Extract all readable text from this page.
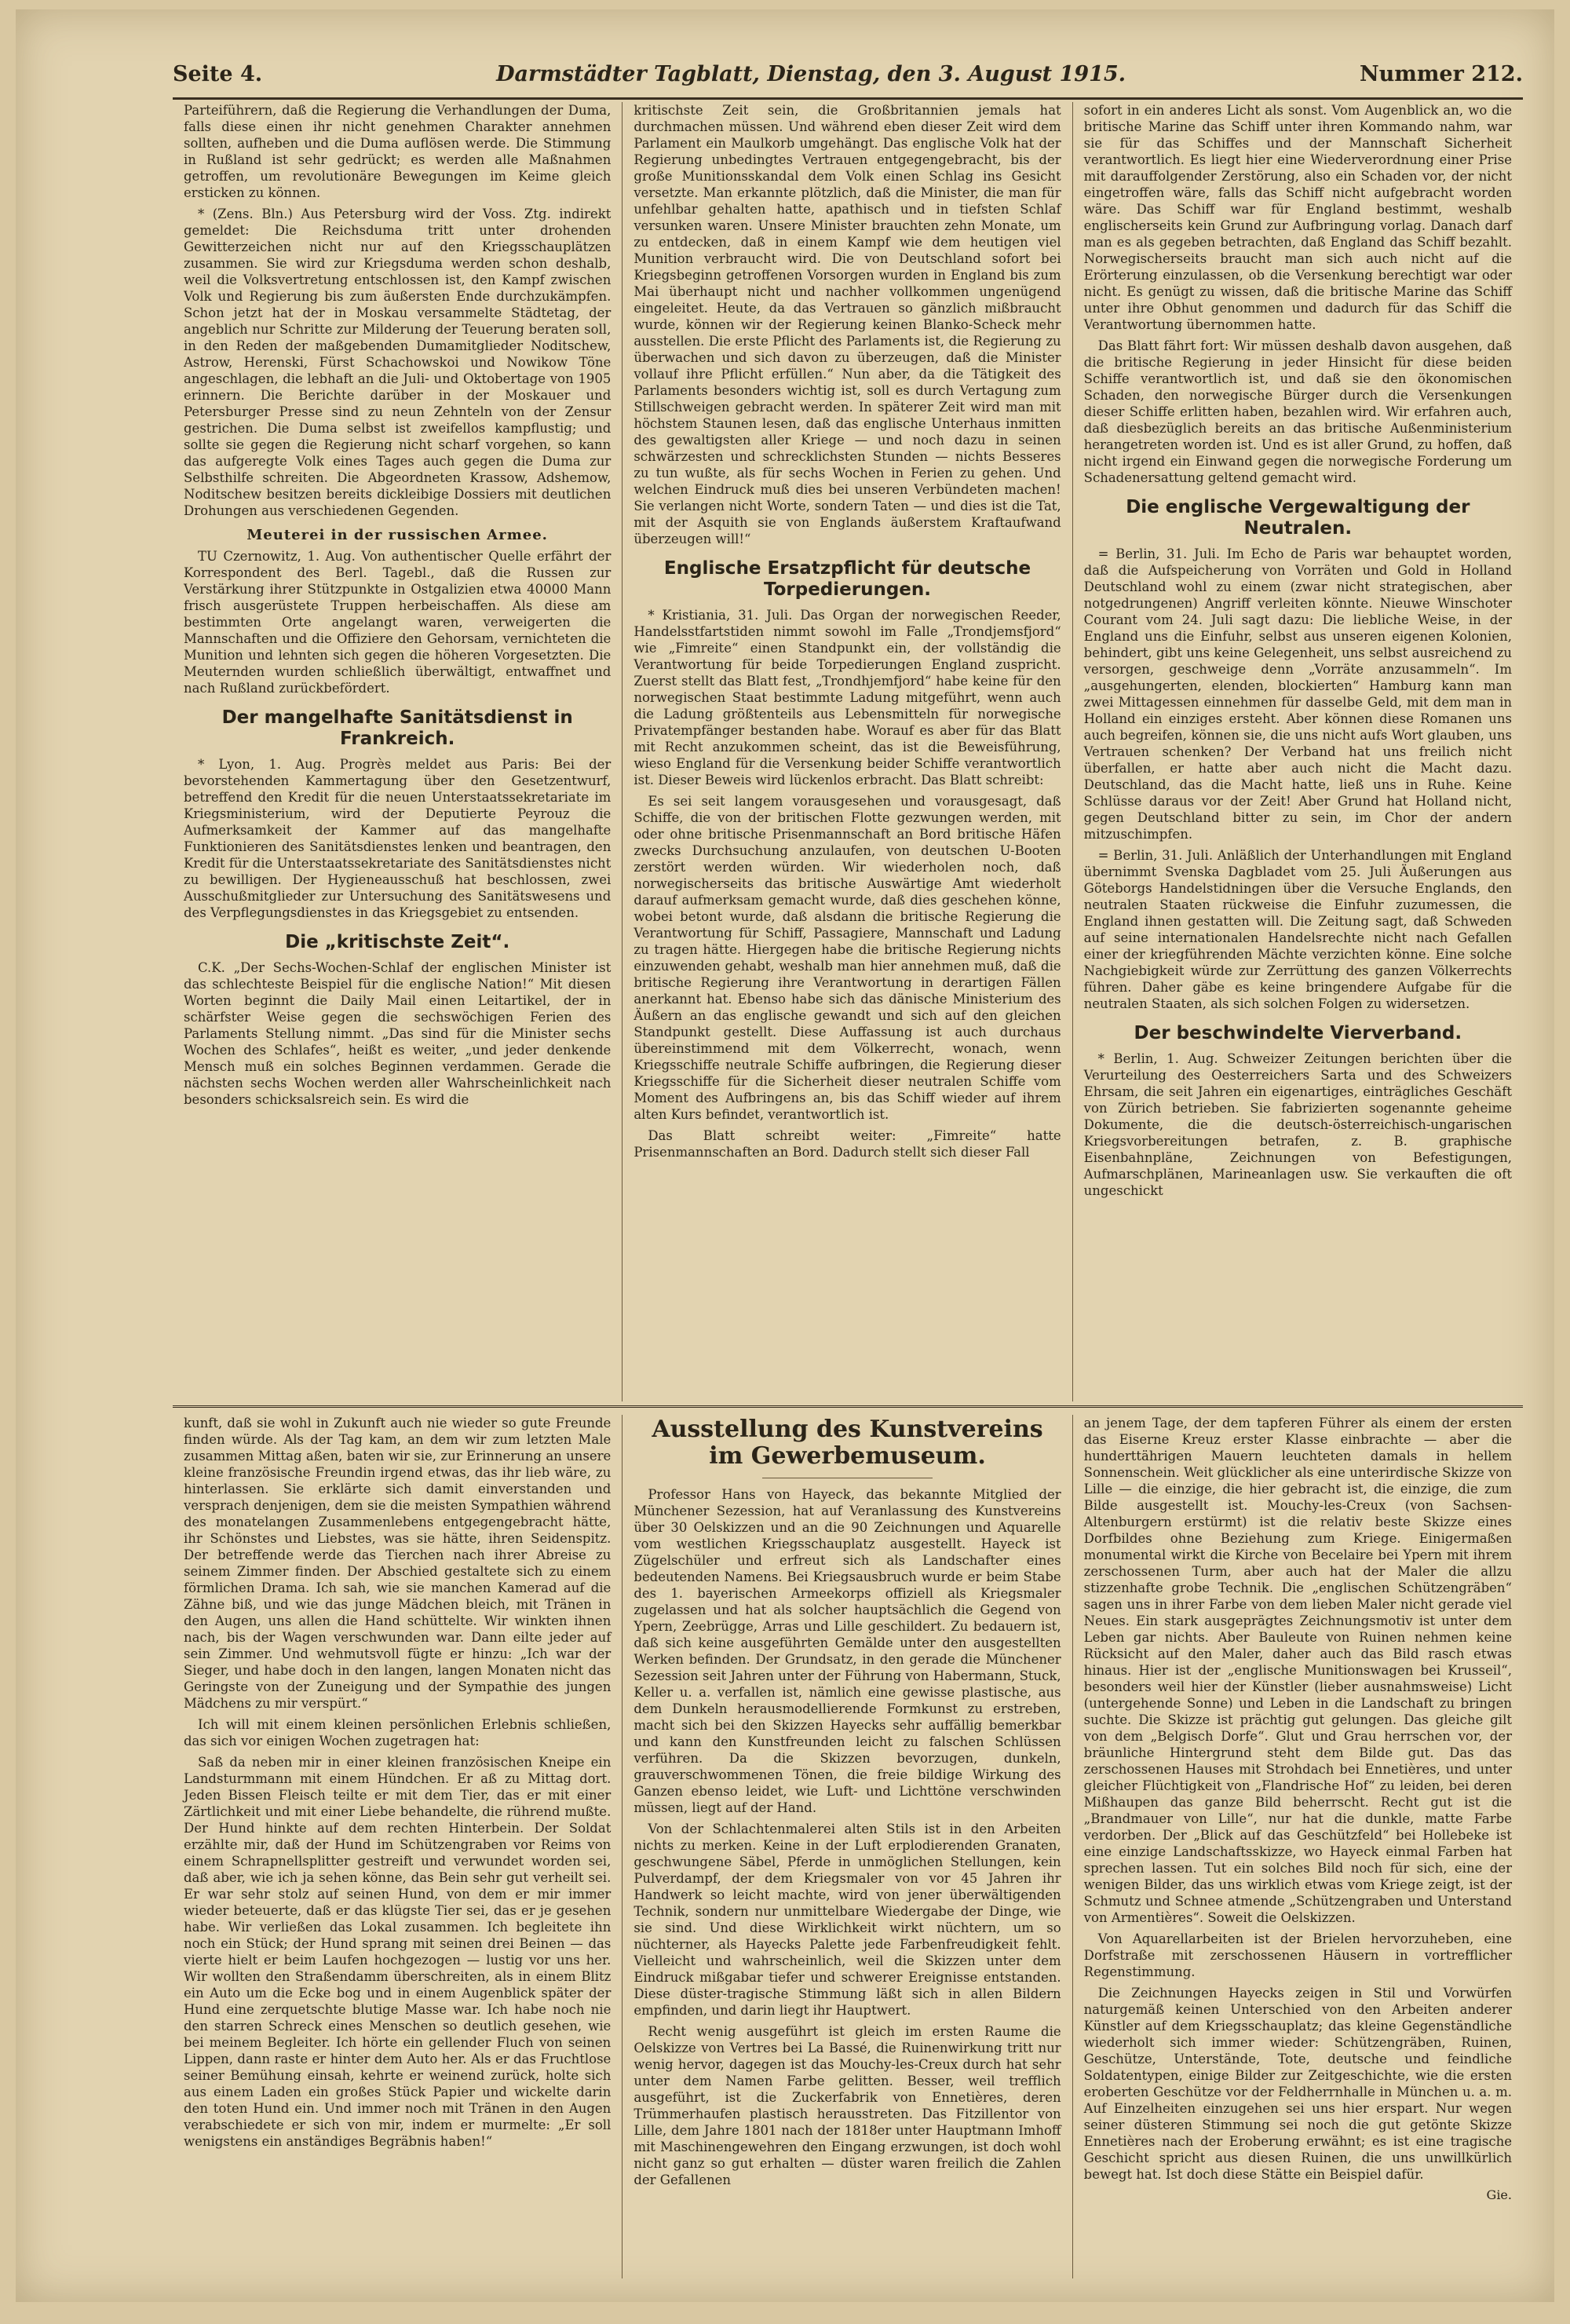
Seite 4.	Darmstädter Tagblatt, Dienstag, den 3. August 1915.	Nummer 212.

Parteiführern, daß die Regierung die Verhandlungen der Duma, falls diese einen ihr nicht genehmen Charakter annehmen sollten, aufheben und die Duma auflösen werde. Die Stimmung in Rußland ist sehr gedrückt; es werden alle Maßnahmen getroffen, um revolutionäre Bewegungen im Keime gleich ersticken zu können.

* (Zens. Bln.) Aus Petersburg wird der Voss. Ztg. indirekt gemeldet: Die Reichsduma tritt unter drohenden Gewitterzeichen nicht nur auf den Kriegsschauplätzen zusammen. Sie wird zur Kriegsduma werden schon deshalb, weil die Volksvertretung entschlossen ist, den Kampf zwischen Volk und Regierung bis zum äußersten Ende durchzukämpfen. Schon jetzt hat der in Moskau versammelte Städtetag, der angeblich nur Schritte zur Milderung der Teuerung beraten soll, in den Reden der maßgebenden Dumamitglieder Noditschew, Astrow, Herenski, Fürst Schachowskoi und Nowikow Töne angeschlagen, die lebhaft an die Juli- und Oktobertage von 1905 erinnern. Die Berichte darüber in der Moskauer und Petersburger Presse sind zu neun Zehnteln von der Zensur gestrichen. Die Duma selbst ist zweifellos kampflustig; und sollte sie gegen die Regierung nicht scharf vorgehen, so kann das aufgeregte Volk eines Tages auch gegen die Duma zur Selbsthilfe schreiten. Die Abgeordneten Krassow, Adshemow, Noditschew besitzen bereits dickleibige Dossiers mit deutlichen Drohungen aus verschiedenen Gegenden.

Meuterei in der russischen Armee.

TU Czernowitz, 1. Aug. Von authentischer Quelle erfährt der Korrespondent des Berl. Tagebl., daß die Russen zur Verstärkung ihrer Stützpunkte in Ostgalizien etwa 40000 Mann frisch ausgerüstete Truppen herbeischaffen. Als diese am bestimmten Orte angelangt waren, verweigerten die Mannschaften und die Offiziere den Gehorsam, vernichteten die Munition und lehnten sich gegen die höheren Vorgesetzten. Die Meuternden wurden schließlich überwältigt, entwaffnet und nach Rußland zurückbefördert.

Der mangelhafte Sanitätsdienst in Frankreich.

* Lyon, 1. Aug. Progrès meldet aus Paris: Bei der bevorstehenden Kammertagung über den Gesetzentwurf, betreffend den Kredit für die neuen Unterstaatssekretariate im Kriegsministerium, wird der Deputierte Peyrouz die Aufmerksamkeit der Kammer auf das mangelhafte Funktionieren des Sanitätsdienstes lenken und beantragen, den Kredit für die Unterstaatssekretariate des Sanitätsdienstes nicht zu bewilligen. Der Hygieneausschuß hat beschlossen, zwei Ausschußmitglieder zur Untersuchung des Sanitätswesens und des Verpflegungsdienstes in das Kriegsgebiet zu entsenden.

Die „kritischste Zeit“.

C.K. „Der Sechs-Wochen-Schlaf der englischen Minister ist das schlechteste Beispiel für die englische Nation!“ Mit diesen Worten beginnt die Daily Mail einen Leitartikel, der in schärfster Weise gegen die sechswöchigen Ferien des Parlaments Stellung nimmt. „Das sind für die Minister sechs Wochen des Schlafes“, heißt es weiter, „und jeder denkende Mensch muß ein solches Beginnen verdammen. Gerade die nächsten sechs Wochen werden aller Wahrscheinlichkeit nach besonders schicksalsreich sein. Es wird die

kritischste Zeit sein, die Großbritannien jemals hat durchmachen müssen. Und während eben dieser Zeit wird dem Parlament ein Maulkorb umgehängt. Das englische Volk hat der Regierung unbedingtes Vertrauen entgegengebracht, bis der große Munitionsskandal dem Volk einen Schlag ins Gesicht versetzte. Man erkannte plötzlich, daß die Minister, die man für unfehlbar gehalten hatte, apathisch und in tiefsten Schlaf versunken waren. Unsere Minister brauchten zehn Monate, um zu entdecken, daß in einem Kampf wie dem heutigen viel Munition verbraucht wird. Die von Deutschland sofort bei Kriegsbeginn getroffenen Vorsorgen wurden in England bis zum Mai überhaupt nicht und nachher vollkommen ungenügend eingeleitet. Heute, da das Vertrauen so gänzlich mißbraucht wurde, können wir der Regierung keinen Blanko-Scheck mehr ausstellen. Die erste Pflicht des Parlaments ist, die Regierung zu überwachen und sich davon zu überzeugen, daß die Minister vollauf ihre Pflicht erfüllen.“ Nun aber, da die Tätigkeit des Parlaments besonders wichtig ist, soll es durch Vertagung zum Stillschweigen gebracht werden. In späterer Zeit wird man mit höchstem Staunen lesen, daß das englische Unterhaus inmitten des gewaltigsten aller Kriege — und noch dazu in seinen schwärzesten und schrecklichsten Stunden — nichts Besseres zu tun wußte, als für sechs Wochen in Ferien zu gehen. Und welchen Eindruck muß dies bei unseren Verbündeten machen! Sie verlangen nicht Worte, sondern Taten — und dies ist die Tat, mit der Asquith sie von Englands äußerstem Kraftaufwand überzeugen will!“

Englische Ersatzpflicht für deutsche Torpedierungen.

* Kristiania, 31. Juli. Das Organ der norwegischen Reeder, Handelsstfartstiden nimmt sowohl im Falle „Trondjemsfjord“ wie „Fimreite“ einen Standpunkt ein, der vollständig die Verantwortung für beide Torpedierungen England zuspricht. Zuerst stellt das Blatt fest, „Trondhjemfjord“ habe keine für den norwegischen Staat bestimmte Ladung mitgeführt, wenn auch die Ladung größtenteils aus Lebensmitteln für norwegische Privatempfänger bestanden habe. Worauf es aber für das Blatt mit Recht anzukommen scheint, das ist die Beweisführung, wieso England für die Versenkung beider Schiffe verantwortlich ist. Dieser Beweis wird lückenlos erbracht. Das Blatt schreibt:

Es sei seit langem vorausgesehen und vorausgesagt, daß Schiffe, die von der britischen Flotte gezwungen werden, mit oder ohne britische Prisenmannschaft an Bord britische Häfen zwecks Durchsuchung anzulaufen, von deutschen U-Booten zerstört werden würden. Wir wiederholen noch, daß norwegischerseits das britische Auswärtige Amt wiederholt darauf aufmerksam gemacht wurde, daß dies geschehen könne, wobei betont wurde, daß alsdann die britische Regierung die Verantwortung für Schiff, Passagiere, Mannschaft und Ladung zu tragen hätte. Hiergegen habe die britische Regierung nichts einzuwenden gehabt, weshalb man hier annehmen muß, daß die britische Regierung ihre Verantwortung in derartigen Fällen anerkannt hat. Ebenso habe sich das dänische Ministerium des Äußern an das englische gewandt und sich auf den gleichen Standpunkt gestellt. Diese Auffassung ist auch durchaus übereinstimmend mit dem Völkerrecht, wonach, wenn Kriegsschiffe neutrale Schiffe aufbringen, die Regierung dieser Kriegsschiffe für die Sicherheit dieser neutralen Schiffe vom Moment des Aufbringens an, bis das Schiff wieder auf ihrem alten Kurs befindet, verantwortlich ist.

Das Blatt schreibt weiter: „Fimreite“ hatte Prisenmannschaften an Bord. Dadurch stellt sich dieser Fall

sofort in ein anderes Licht als sonst. Vom Augenblick an, wo die britische Marine das Schiff unter ihren Kommando nahm, war sie für das Schiffes und der Mannschaft Sicherheit verantwortlich. Es liegt hier eine Wiederverordnung einer Prise mit darauffolgender Zerstörung, also ein Schaden vor, der nicht eingetroffen wäre, falls das Schiff nicht aufgebracht worden wäre. Das Schiff war für England bestimmt, weshalb englischerseits kein Grund zur Aufbringung vorlag. Danach darf man es als gegeben betrachten, daß England das Schiff bezahlt. Norwegischerseits braucht man sich auch nicht auf die Erörterung einzulassen, ob die Versenkung berechtigt war oder nicht. Es genügt zu wissen, daß die britische Marine das Schiff unter ihre Obhut genommen und dadurch für das Schiff die Verantwortung übernommen hatte.

Das Blatt fährt fort: Wir müssen deshalb davon ausgehen, daß die britische Regierung in jeder Hinsicht für diese beiden Schiffe verantwortlich ist, und daß sie den ökonomischen Schaden, den norwegische Bürger durch die Versenkungen dieser Schiffe erlitten haben, bezahlen wird. Wir erfahren auch, daß diesbezüglich bereits an das britische Außenministerium herangetreten worden ist. Und es ist aller Grund, zu hoffen, daß nicht irgend ein Einwand gegen die norwegische Forderung um Schadenersattung geltend gemacht wird.

Die englische Vergewaltigung der Neutralen.

= Berlin, 31. Juli. Im Echo de Paris war behauptet worden, daß die Aufspeicherung von Vorräten und Gold in Holland Deutschland wohl zu einem (zwar nicht strategischen, aber notgedrungenen) Angriff verleiten könnte. Nieuwe Winschoter Courant vom 24. Juli sagt dazu: Die liebliche Weise, in der England uns die Einfuhr, selbst aus unseren eigenen Kolonien, behindert, gibt uns keine Gelegenheit, uns selbst ausreichend zu versorgen, geschweige denn „Vorräte anzusammeln“. Im „ausgehungerten, elenden, blockierten“ Hamburg kann man zwei Mittagessen einnehmen für dasselbe Geld, mit dem man in Holland ein einziges ersteht. Aber können diese Romanen uns auch begreifen, können sie, die uns nicht aufs Wort glauben, uns Vertrauen schenken? Der Verband hat uns freilich nicht überfallen, er hatte aber auch nicht die Macht dazu. Deutschland, das die Macht hatte, ließ uns in Ruhe. Keine Schlüsse daraus vor der Zeit! Aber Grund hat Holland nicht, gegen Deutschland bitter zu sein, im Chor der andern mitzuschimpfen.

= Berlin, 31. Juli. Anläßlich der Unterhandlungen mit England übernimmt Svenska Dagbladet vom 25. Juli Äußerungen aus Göteborgs Handelstidningen über die Versuche Englands, den neutralen Staaten rückweise die Einfuhr zuzumessen, die England ihnen gestatten will. Die Zeitung sagt, daß Schweden auf seine internationalen Handelsrechte nicht nach Gefallen einer der kriegführenden Mächte verzichten könne. Eine solche Nachgiebigkeit würde zur Zerrüttung des ganzen Völkerrechts führen. Daher gäbe es keine bringendere Aufgabe für die neutralen Staaten, als sich solchen Folgen zu widersetzen.

Der beschwindelte Vierverband.

* Berlin, 1. Aug. Schweizer Zeitungen berichten über die Verurteilung des Oesterreichers Sarta und des Schweizers Ehrsam, die seit Jahren ein eigenartiges, einträgliches Geschäft von Zürich betrieben. Sie fabrizierten sogenannte geheime Dokumente, die die deutsch-österreichisch-ungarischen Kriegsvorbereitungen betrafen, z. B. graphische Eisenbahnpläne, Zeichnungen von Befestigungen, Aufmarschplänen, Marineanlagen usw. Sie verkauften die oft ungeschickt

kunft, daß sie wohl in Zukunft auch nie wieder so gute Freunde finden würde. Als der Tag kam, an dem wir zum letzten Male zusammen Mittag aßen, baten wir sie, zur Erinnerung an unsere kleine französische Freundin irgend etwas, das ihr lieb wäre, zu hinterlassen. Sie erklärte sich damit einverstanden und versprach denjenigen, dem sie die meisten Sympathien während des monatelangen Zusammenlebens entgegengebracht hätte, ihr Schönstes und Liebstes, was sie hätte, ihren Seidenspitz. Der betreffende werde das Tierchen nach ihrer Abreise zu seinem Zimmer finden. Der Abschied gestaltete sich zu einem förmlichen Drama. Ich sah, wie sie manchen Kamerad auf die Zähne biß, und wie das junge Mädchen bleich, mit Tränen in den Augen, uns allen die Hand schüttelte. Wir winkten ihnen nach, bis der Wagen verschwunden war. Dann eilte jeder auf sein Zimmer. Und wehmutsvoll fügte er hinzu: „Ich war der Sieger, und habe doch in den langen, langen Monaten nicht das Geringste von der Zuneigung und der Sympathie des jungen Mädchens zu mir verspürt.“

Ich will mit einem kleinen persönlichen Erlebnis schließen, das sich vor einigen Wochen zugetragen hat:

Saß da neben mir in einer kleinen französischen Kneipe ein Landsturmmann mit einem Hündchen. Er aß zu Mittag dort. Jeden Bissen Fleisch teilte er mit dem Tier, das er mit einer Zärtlichkeit und mit einer Liebe behandelte, die rührend mußte. Der Hund hinkte auf dem rechten Hinterbein. Der Soldat erzählte mir, daß der Hund im Schützengraben vor Reims von einem Schrapnellsplitter gestreift und verwundet worden sei, daß aber, wie ich ja sehen könne, das Bein sehr gut verheilt sei. Er war sehr stolz auf seinen Hund, von dem er mir immer wieder beteuerte, daß er das klügste Tier sei, das er je gesehen habe. Wir verließen das Lokal zusammen. Ich begleitete ihn noch ein Stück; der Hund sprang mit seinen drei Beinen — das vierte hielt er beim Laufen hochgezogen — lustig vor uns her. Wir wollten den Straßendamm überschreiten, als in einem Blitz ein Auto um die Ecke bog und in einem Augenblick später der Hund eine zerquetschte blutige Masse war. Ich habe noch nie den starren Schreck eines Menschen so deutlich gesehen, wie bei meinem Begleiter. Ich hörte ein gellender Fluch von seinen Lippen, dann raste er hinter dem Auto her. Als er das Fruchtlose seiner Bemühung einsah, kehrte er weinend zurück, holte sich aus einem Laden ein großes Stück Papier und wickelte darin den toten Hund ein. Und immer noch mit Tränen in den Augen verabschiedete er sich von mir, indem er murmelte: „Er soll wenigstens ein anständiges Begräbnis haben!“

Ausstellung des Kunstvereins im Gewerbemuseum.

Professor Hans von Hayeck, das bekannte Mitglied der Münchener Sezession, hat auf Veranlassung des Kunstvereins über 30 Oelskizzen und an die 90 Zeichnungen und Aquarelle vom westlichen Kriegsschauplatz ausgestellt. Hayeck ist Zügelschüler und erfreut sich als Landschafter eines bedeutenden Namens. Bei Kriegsausbruch wurde er beim Stabe des 1. bayerischen Armeekorps offiziell als Kriegsmaler zugelassen und hat als solcher hauptsächlich die Gegend von Ypern, Zeebrügge, Arras und Lille geschildert. Zu bedauern ist, daß sich keine ausgeführten Gemälde unter den ausgestellten Werken befinden. Der Grundsatz, in den gerade die Münchener Sezession seit Jahren unter der Führung von Habermann, Stuck, Keller u. a. verfallen ist, nämlich eine gewisse plastische, aus dem Dunkeln herausmodellierende Formkunst zu erstreben, macht sich bei den Skizzen Hayecks sehr auffällig bemerkbar und kann den Kunstfreunden leicht zu falschen Schlüssen verführen. Da die Skizzen bevorzugen, dunkeln, grauverschwommenen Tönen, die freie bildige Wirkung des Ganzen ebenso leidet, wie Luft- und Lichttöne verschwinden müssen, liegt auf der Hand.

Von der Schlachtenmalerei alten Stils ist in den Arbeiten nichts zu merken. Keine in der Luft erplodierenden Granaten, geschwungene Säbel, Pferde in unmöglichen Stellungen, kein Pulverdampf, der dem Kriegsmaler von vor 45 Jahren ihr Handwerk so leicht machte, wird von jener überwältigenden Technik, sondern nur unmittelbare Wiedergabe der Dinge, wie sie sind. Und diese Wirklichkeit wirkt nüchtern, um so nüchterner, als Hayecks Palette jede Farbenfreudigkeit fehlt. Vielleicht und wahrscheinlich, weil die Skizzen unter dem Eindruck mißgabar tiefer und schwerer Ereignisse entstanden. Diese düster-tragische Stimmung läßt sich in allen Bildern empfinden, und darin liegt ihr Hauptwert.

Recht wenig ausgeführt ist gleich im ersten Raume die Oelskizze von Vertres bei La Bassé, die Ruinenwirkung tritt nur wenig hervor, dagegen ist das Mouchy-les-Creux durch hat sehr unter dem Namen Farbe gelitten. Besser, weil trefflich ausgeführt, ist die Zuckerfabrik von Ennetières, deren Trümmerhaufen plastisch herausstreten. Das Fitzillentor von Lille, dem Jahre 1801 nach der 1818er unter Hauptmann Imhoff mit Maschinengewehren den Eingang erzwungen, ist doch wohl nicht ganz so gut erhalten — düster waren freilich die Zahlen der Gefallenen

an jenem Tage, der dem tapferen Führer als einem der ersten das Eiserne Kreuz erster Klasse einbrachte — aber die hunderttährigen Mauern leuchteten damals in hellem Sonnenschein. Weit glücklicher als eine unterirdische Skizze von Lille — die einzige, die hier gebracht ist, die einzige, die zum Bilde ausgestellt ist. Mouchy-les-Creux (von Sachsen-Altenburgern erstürmt) ist die relativ beste Skizze eines Dorfbildes ohne Beziehung zum Kriege. Einigermaßen monumental wirkt die Kirche von Becelaire bei Ypern mit ihrem zerschossenen Turm, aber auch hat der Maler die allzu stizzenhafte grobe Technik. Die „englischen Schützengräben“ sagen uns in ihrer Farbe von dem lieben Maler nicht gerade viel Neues. Ein stark ausgeprägtes Zeichnungsmotiv ist unter dem Leben gar nichts. Aber Bauleute von Ruinen nehmen keine Rücksicht auf den Maler, daher auch das Bild rasch etwas hinaus. Hier ist der „englische Munitionswagen bei Krusseil“, besonders weil hier der Künstler (lieber ausnahmsweise) Licht (untergehende Sonne) und Leben in die Landschaft zu bringen suchte. Die Skizze ist prächtig gut gelungen. Das gleiche gilt von dem „Belgisch Dorfe“. Glut und Grau herrschen vor, der bräunliche Hintergrund steht dem Bilde gut. Das das zerschossenen Hauses mit Strohdach bei Ennetières, und unter gleicher Flüchtigkeit von „Flandrische Hof“ zu leiden, bei deren Mißhaupen das ganze Bild beherrscht. Recht gut ist die „Brandmauer von Lille“, nur hat die dunkle, matte Farbe verdorben. Der „Blick auf das Geschützfeld“ bei Hollebeke ist eine einzige Landschaftsskizze, wo Hayeck einmal Farben hat sprechen lassen. Tut ein solches Bild noch für sich, eine der wenigen Bilder, das uns wirklich etwas vom Kriege zeigt, ist der Schmutz und Schnee atmende „Schützengraben und Unterstand von Armentières“. Soweit die Oelskizzen.

Von Aquarellarbeiten ist der Brielen hervorzuheben, eine Dorfstraße mit zerschossenen Häusern in vortrefflicher Regenstimmung.

Die Zeichnungen Hayecks zeigen in Stil und Vorwürfen naturgemäß keinen Unterschied von den Arbeiten anderer Künstler auf dem Kriegsschauplatz; das kleine Gegenständliche wiederholt sich immer wieder: Schützengräben, Ruinen, Geschütze, Unterstände, Tote, deutsche und feindliche Soldatentypen, einige Bilder zur Zeitgeschichte, wie die ersten eroberten Geschütze vor der Feldherrnhalle in München u. a. m. Auf Einzelheiten einzugehen sei uns hier erspart. Nur wegen seiner düsteren Stimmung sei noch die gut getönte Skizze Ennetières nach der Eroberung erwähnt; es ist eine tragische Geschicht spricht aus diesen Ruinen, die uns unwillkürlich bewegt hat. Ist doch diese Stätte ein Beispiel dafür.

Gie.
